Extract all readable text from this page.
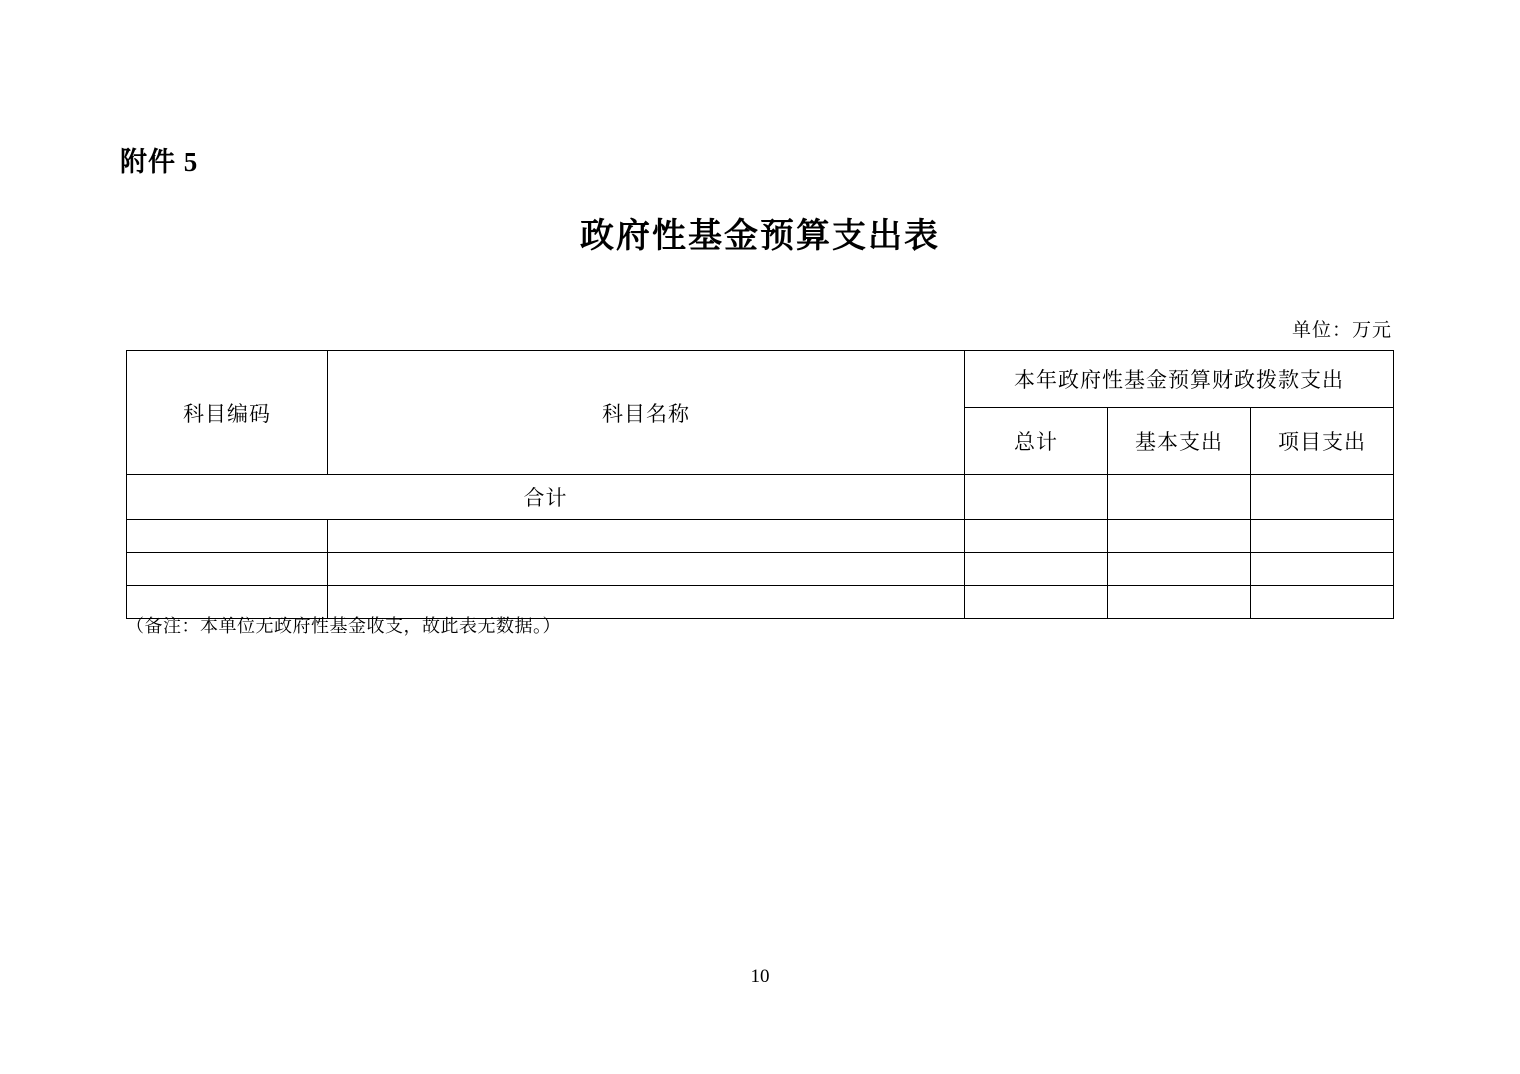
附件 5
政府性基金预算支出表
单位：万元
科目编码	科目名称	本年政府性基金预算财政拨款支出		
		总计	基本支出	项目支出
合计				

（备注：本单位无政府性基金收支，故此表无数据。）
10
